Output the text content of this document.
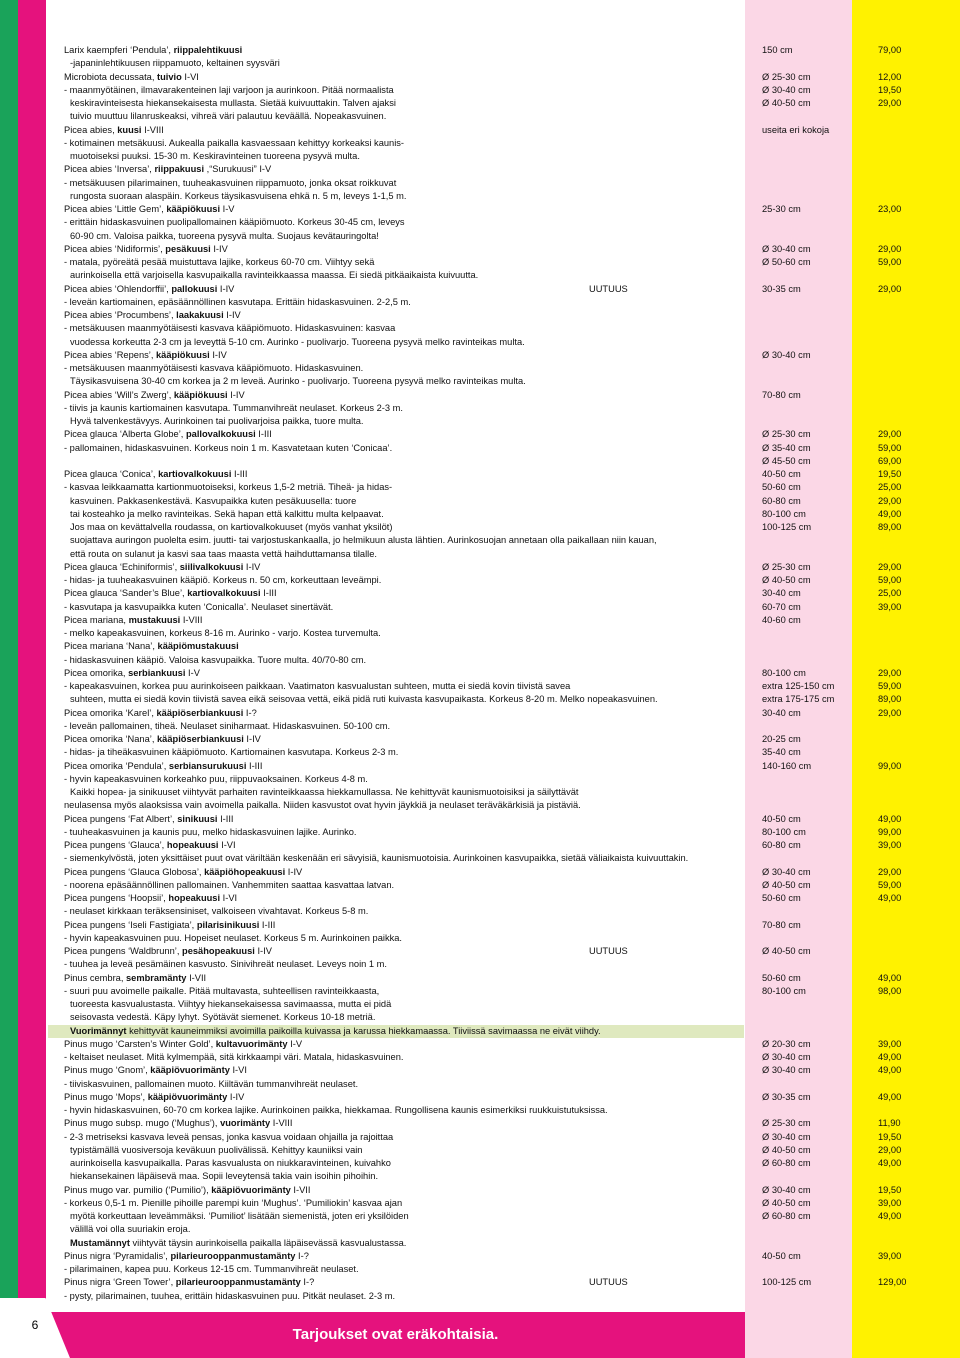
Larix kaempferi ‘Pendula’, riippalehtikuusi	150 cm	79,00
-japaninlehtikuusen riippamuoto, keltainen syysväri
Microbiota decussata, tuivio I-VI	Ø 25-30 cm	12,00
- maanmyötäinen, ilmavarakenteinen laji varjoon ja aurinkoon. Pitää normaalista	Ø 30-40 cm	19,50
keskiravinteisesta hiekansekaisesta mullasta. Sietää kuivuuttakin. Talven ajaksi	Ø 40-50 cm	29,00
tuivio muuttuu lilanruskeaksi, vihreä väri palautuu keväällä. Nopeakasvuinen.
Picea abies, kuusi I-VIII	useita eri kokoja
- kotimainen metsäkuusi. Aukealla paikalla kasvaessaan kehittyy korkeaksi kaunis-
muotoiseksi puuksi. 15-30 m. Keskiravinteinen tuoreena pysyvä multa.
Picea abies ‘Inversa’, riippakuusi ,“Surukuusi” I-V
- metsäkuusen pilarimainen, tuuheakasvuinen riippamuoto, jonka oksat roikkuvat
rungosta suoraan alaspäin. Korkeus täysikasvuisena ehkä n. 5 m, leveys 1-1,5 m.
Picea abies ‘Little Gem’, kääpiökuusi I-V	25-30 cm	23,00
- erittäin hidaskasvuinen puolipallomainen kääpiömuoto. Korkeus 30-45 cm, leveys
60-90 cm. Valoisa paikka, tuoreena pysyvä multa. Suojaus kevätauringolta!
Picea abies ‘Nidiformis’, pesäkuusi I-IV	Ø 30-40 cm	29,00
- matala, pyöreätä pesää muistuttava lajike, korkeus 60-70 cm. Viihtyy sekä	Ø 50-60 cm	59,00
aurinkoisella että varjoisella kasvupaikalla ravinteikkaassa maassa. Ei siedä pitkäaikaista kuivuutta.
Picea abies ‘Ohlendorffii’, pallokuusi I-IV	UUTUUS	30-35 cm	29,00
- leveän kartiomainen, epäsäännöllinen kasvutapa. Erittäin hidaskasvuinen. 2-2,5 m.
Picea abies ‘Procumbens’, laakakuusi I-IV
- metsäkuusen maanmyötäisesti kasvava kääpiömuoto. Hidaskasvuinen: kasvaa
vuodessa korkeutta 2-3 cm ja leveyttä 5-10 cm. Aurinko - puolivarjo. Tuoreena pysyvä melko ravinteikas multa.
Picea abies ‘Repens’, kääpiökuusi I-IV	Ø 30-40 cm
- metsäkuusen maanmyötäisesti kasvava kääpiömuoto. Hidaskasvuinen.
Täysikasvuisena 30-40 cm korkea ja 2 m leveä. Aurinko - puolivarjo. Tuoreena pysyvä melko ravinteikas multa.
Picea abies ‘Will’s Zwerg’, kääpiökuusi I-IV	70-80 cm
- tiivis ja kaunis kartiomainen kasvutapa. Tummanvihreät neulaset. Korkeus 2-3 m.
Hyvä talvenkestävyys. Aurinkoinen tai puolivarjoisa paikka, tuore multa.
Picea glauca ‘Alberta Globe’, pallovalkokuusi I-III	Ø 25-30 cm	29,00
- pallomainen, hidaskasvuinen. Korkeus noin 1 m. Kasvatetaan kuten ‘Conicaa’.	Ø 35-40 cm	59,00
Ø 45-50 cm	69,00
Picea glauca ‘Conica’, kartiovalkokuusi I-III	40-50 cm	19,50
- kasvaa leikkaamatta kartionmuotoiseksi, korkeus 1,5-2 metriä. Tiheä- ja hidas-	50-60 cm	25,00
kasvuinen. Pakkasenkestävä. Kasvupaikka kuten pesäkuusella: tuore	60-80 cm	29,00
tai kosteahko ja melko ravinteikas. Sekä hapan että kalkittu multa kelpaavat.	80-100 cm	49,00
Jos maa on kevättalvella roudassa, on kartiovalkokuuset (myös vanhat yksilöt)	100-125 cm	89,00
suojattava auringon puolelta esim. juutti- tai varjostuskankaalla, jo helmikuun alusta lähtien. Aurinkosuojan annetaan olla paikallaan niin kauan,
että routa on sulanut ja kasvi saa taas maasta vettä haihduttamansa tilalle.
Picea glauca ‘Echiniformis’, siilivalkokuusi I-IV	Ø 25-30 cm	29,00
- hidas- ja tuuheakasvuinen kääpiö. Korkeus n. 50 cm, korkeuttaan leveämpi.	Ø 40-50 cm	59,00
Picea glauca ‘Sander’s Blue’, kartiovalkokuusi I-III	30-40 cm	25,00
- kasvutapa ja kasvupaikka kuten ‘Conicalla’. Neulaset sinertävät.	60-70 cm	39,00
Picea mariana, mustakuusi I-VIII	40-60 cm
- melko kapeakasvuinen, korkeus 8-16 m. Aurinko - varjo. Kostea turvemulta.
Picea mariana ‘Nana’, kääpiömustakuusi
- hidaskasvuinen kääpiö. Valoisa kasvupaikka. Tuore multa. 40/70-80 cm.
Picea omorika, serbiankuusi I-V	80-100 cm	29,00
- kapeakasvuinen, korkea puu aurinkoiseen paikkaan. Vaatimaton kasvualustan suhteen, mutta ei siedä kovin tiivistä savea	extra 125-150 cm	59,00
suhteen, mutta ei siedä kovin tiivistä savea eikä seisovaa vettä, eikä pidä ruti kuivasta kasvupaikasta. Korkeus 8-20 m. Melko nopeakasvuinen.	extra 175-175 cm	89,00
Picea omorika ‘Karel’, kääpiöserbiankuusi I-?	30-40 cm	29,00
- leveän pallomainen, tiheä. Neulaset siniharmaat. Hidaskasvuinen. 50-100 cm.
Picea omorika ‘Nana’, kääpiöserbiankuusi I-IV	20-25 cm
- hidas- ja tiheäkasvuinen kääpiömuoto. Kartiomainen kasvutapa. Korkeus 2-3 m.	35-40 cm
Picea omorika ‘Pendula’, serbiansurukuusi I-III	140-160 cm	99,00
- hyvin kapeakasvuinen korkeahko puu, riippuvaoksainen. Korkeus 4-8 m.
Kaikki hopea- ja sinikuuset viihtyvät parhaiten ravinteikkaassa hiekkamullassa. Ne kehittyvät kaunismuotoisiksi ja säilyttävät
neulasensa myös alaoksissa vain avoimella paikalla. Niiden kasvustot ovat hyvin jäykkiä ja neulaset teräväkärkisiä ja pistäviä.
Picea pungens ‘Fat Albert’, sinikuusi I-III	40-50 cm	49,00
- tuuheakasvuinen ja kaunis puu, melko hidaskasvuinen lajike. Aurinko.	80-100 cm	99,00
Picea pungens ‘Glauca’, hopeakuusi I-VI	60-80 cm	39,00
- siemenkylvöstä, joten yksittäiset puut ovat väriltään keskenään eri sävyisiä, kaunismuotoisia. Aurinkoinen kasvupaikka, sietää väliaikaista kuivuuttakin.
Picea pungens ‘Glauca Globosa’, kääpiöhopeakuusi I-IV	Ø 30-40 cm	29,00
- noorena epäsäännöllinen pallomainen. Vanhemmiten saattaa kasvattaa latvan.	Ø 40-50 cm	59,00
Picea pungens ‘Hoopsii’, hopeakuusi I-VI	50-60 cm	49,00
- neulaset kirkkaan teräksensiniset, valkoiseen vivahtavat. Korkeus 5-8 m.
Picea pungens ‘Iseli Fastigiata’, pilarisinikuusi I-III	70-80 cm
- hyvin kapeakasvuinen puu. Hopeiset neulaset. Korkeus 5 m. Aurinkoinen paikka.
Picea pungens ‘Waldbrunn’, pesähopeakuusi I-IV	UUTUUS	Ø 40-50 cm
- tuuhea ja leveä pesämäinen kasvusto. Sinivihreät neulaset. Leveys noin 1 m.
Pinus cembra, sembramänty I-VII	50-60 cm	49,00
- suuri puu avoimelle paikalle. Pitää multavasta, suhteellisen ravinteikkaasta,	80-100 cm	98,00
tuoreesta kasvualustasta. Viihtyy hiekansekaisessa savimaassa, mutta ei pidä
seisovasta vedestä. Käpy lyhyt. Syötävät siemenet. Korkeus 10-18 metriä.
Vuorimännyt kehittyvät kauneimmiksi avoimilla paikoilla kuivassa ja karussa hiekkamaassa. Tiiviissä savimaassa ne eivät viihdy.
Pinus mugo ‘Carsten’s Winter Gold’, kultavuorimänty I-V	Ø 20-30 cm	39,00
- keltaiset neulaset. Mitä kylmempää, sitä kirkkaampi väri. Matala, hidaskasvuinen.	Ø 30-40 cm	49,00
Pinus mugo ‘Gnom’, kääpiövuorimänty I-VI	Ø 30-40 cm	49,00
- tiiviskasvuinen, pallomainen muoto. Kiiltävän tummanvihreät neulaset.
Pinus mugo ‘Mops’, kääpiövuorimänty I-IV	Ø 30-35 cm	49,00
- hyvin hidaskasvuinen, 60-70 cm korkea lajike. Aurinkoinen paikka, hiekkamaa. Rungollisena kaunis esimerkiksi ruukkuistutuksissa.
Pinus mugo subsp. mugo (‘Mughus’), vuorimänty I-VIII	Ø 25-30 cm	11,90
- 2-3 metriseksi kasvava leveä pensas, jonka kasvua voidaan ohjailla ja rajoittaa	Ø 30-40 cm	19,50
typistämällä vuosiversoja keväkuun puolivälissä. Kehittyy kauniiksi vain	Ø 40-50 cm	29,00
aurinkoisella kasvupaikalla. Paras kasvualusta on niukkaravinteinen, kuivahko	Ø 60-80 cm	49,00
hiekansekainen läpäisevä maa. Sopii leveytensä takia vain isoihin pihoihin.
Pinus mugo var. pumilio (‘Pumilio’), kääpiövuorimänty I-VII	Ø 30-40 cm	19,50
- korkeus 0,5-1 m. Pienille pihoille parempi kuin ‘Mughus’. ‘Pumiliokin’ kasvaa ajan	Ø 40-50 cm	39,00
myötä korkeuttaan leveämmäksi. ‘Pumiliot’ lisätään siemenistä, joten eri yksilöiden	Ø 60-80 cm	49,00
välillä voi olla suuriakin eroja.
Mustamännyt viihtyvät täysin aurinkoisella paikalla läpäisevässä kasvualustassa.
Pinus nigra ‘Pyramidalis’, pilarieurooppanmustamänty I-?	40-50 cm	39,00
- pilarimainen, kapea puu. Korkeus 12-15 cm. Tummanvihreät neulaset.
Pinus nigra ‘Green Tower’, pilarieurooppanmustamänty I-?	UUTUUS	100-125 cm	129,00
- pysty, pilarimainen, tuuhea, erittäin hidaskasvuinen puu. Pitkät neulaset. 2-3 m.
Tarjoukset ovat eräkohtaisia.
6
